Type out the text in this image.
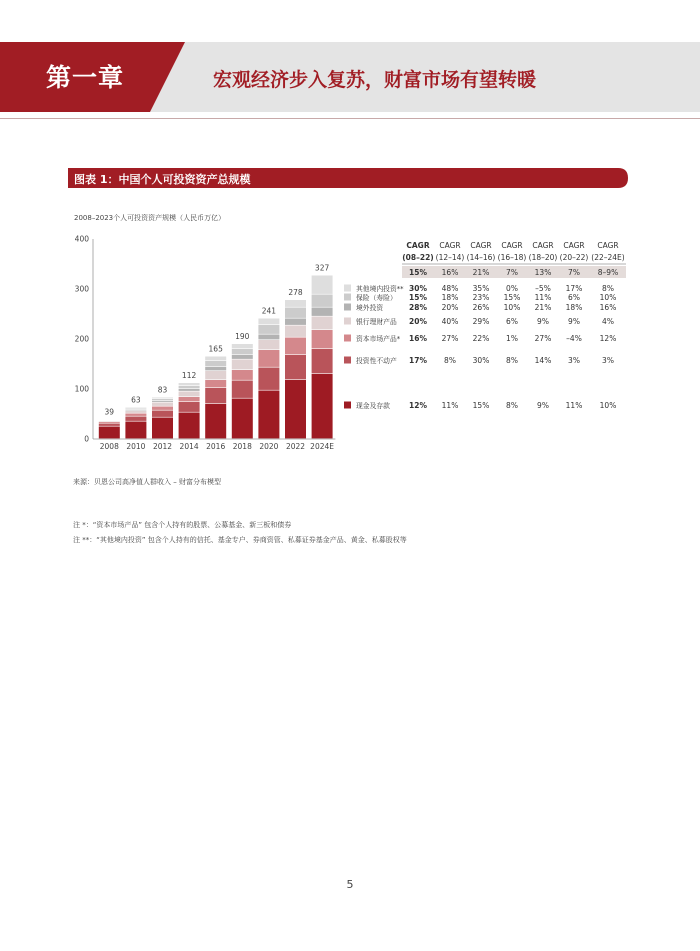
第一章	宏观经济步入复苏，财富市场有望转暖
图表 1：中国个人可投资资产总规模
2008–2023个人可投资资产规模（人民币万亿）
0
100
200
300
400
39
2008
63
2010
83
2012
112
2014
165
2016
190
2018
241
2020
278
2022
327
2024E
CAGR CAGR CAGR CAGR CAGR CAGR CAGR
(08–22) (12–14) (14–16) (16–18) (18–20) (20–22) (22–24E)
15% 16% 21% 7% 13% 7% 8–9%
其他境内投资** 30% 48% 35% 0% –5% 17%	8%
保险（寿险） 15% 18% 23% 15% 11% 6%	10%
境外投资	28% 20% 26% 10% 21% 18% 16%
银行理财产品 20% 40% 29% 6%	9%	9%	4%
资本市场产品* 16% 27% 22% 1% 27% –4% 12%
投资性不动产 17% 8% 30% 8% 14% 3%	3%
现金及存款	12% 11% 15% 8%	9% 11% 10%
来源：贝恩公司高净值人群收入 – 财富分布模型
注 *：“资本市场产品” 包含个人持有的股票、公募基金、新三板和债券
注 **：“其他境内投资” 包含个人持有的信托、基金专户、券商资管、私募证券基金产品、黄金、私募股权等
5
